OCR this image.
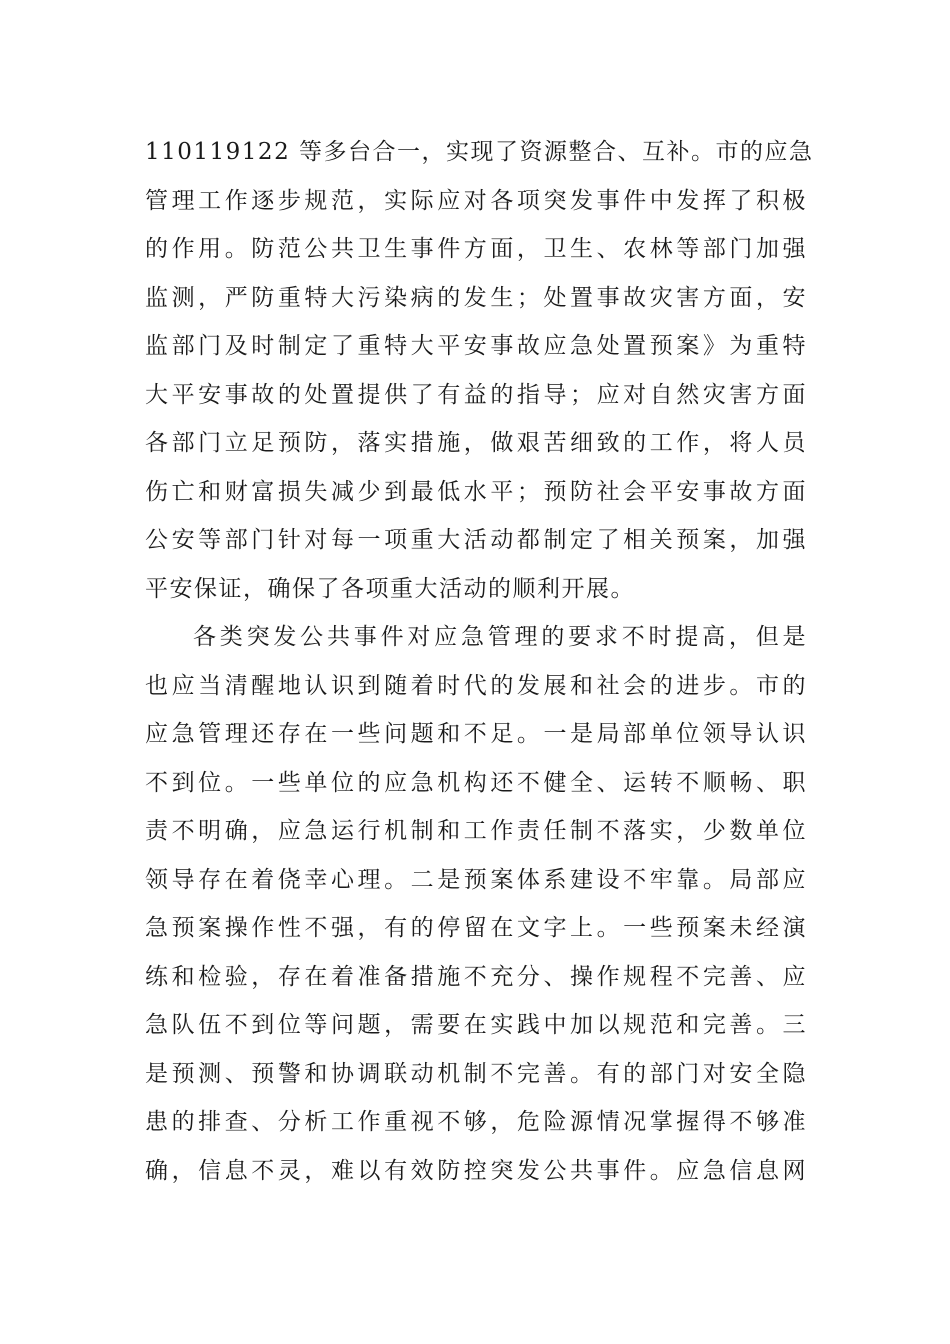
110119122 等多台合一，实现了资源整合、互补。市的应急
管理工作逐步规范，实际应对各项突发事件中发挥了积极
的作用。防范公共卫生事件方面，卫生、农林等部门加强
监测，严防重特大污染病的发生；处置事故灾害方面，安
监部门及时制定了重特大平安事故应急处置预案》为重特
大平安事故的处置提供了有益的指导；应对自然灾害方面
各部门立足预防，落实措施，做艰苦细致的工作，将人员
伤亡和财富损失减少到最低水平；预防社会平安事故方面
公安等部门针对每一项重大活动都制定了相关预案，加强
平安保证，确保了各项重大活动的顺利开展。
各类突发公共事件对应急管理的要求不时提高，但是
也应当清醒地认识到随着时代的发展和社会的进步。市的
应急管理还存在一些问题和不足。一是局部单位领导认识
不到位。一些单位的应急机构还不健全、运转不顺畅、职
责不明确，应急运行机制和工作责任制不落实，少数单位
领导存在着侥幸心理。二是预案体系建设不牢靠。局部应
急预案操作性不强，有的停留在文字上。一些预案未经演
练和检验，存在着准备措施不充分、操作规程不完善、应
急队伍不到位等问题，需要在实践中加以规范和完善。三
是预测、预警和协调联动机制不完善。有的部门对安全隐
患的排查、分析工作重视不够，危险源情况掌握得不够准
确，信息不灵，难以有效防控突发公共事件。应急信息网
